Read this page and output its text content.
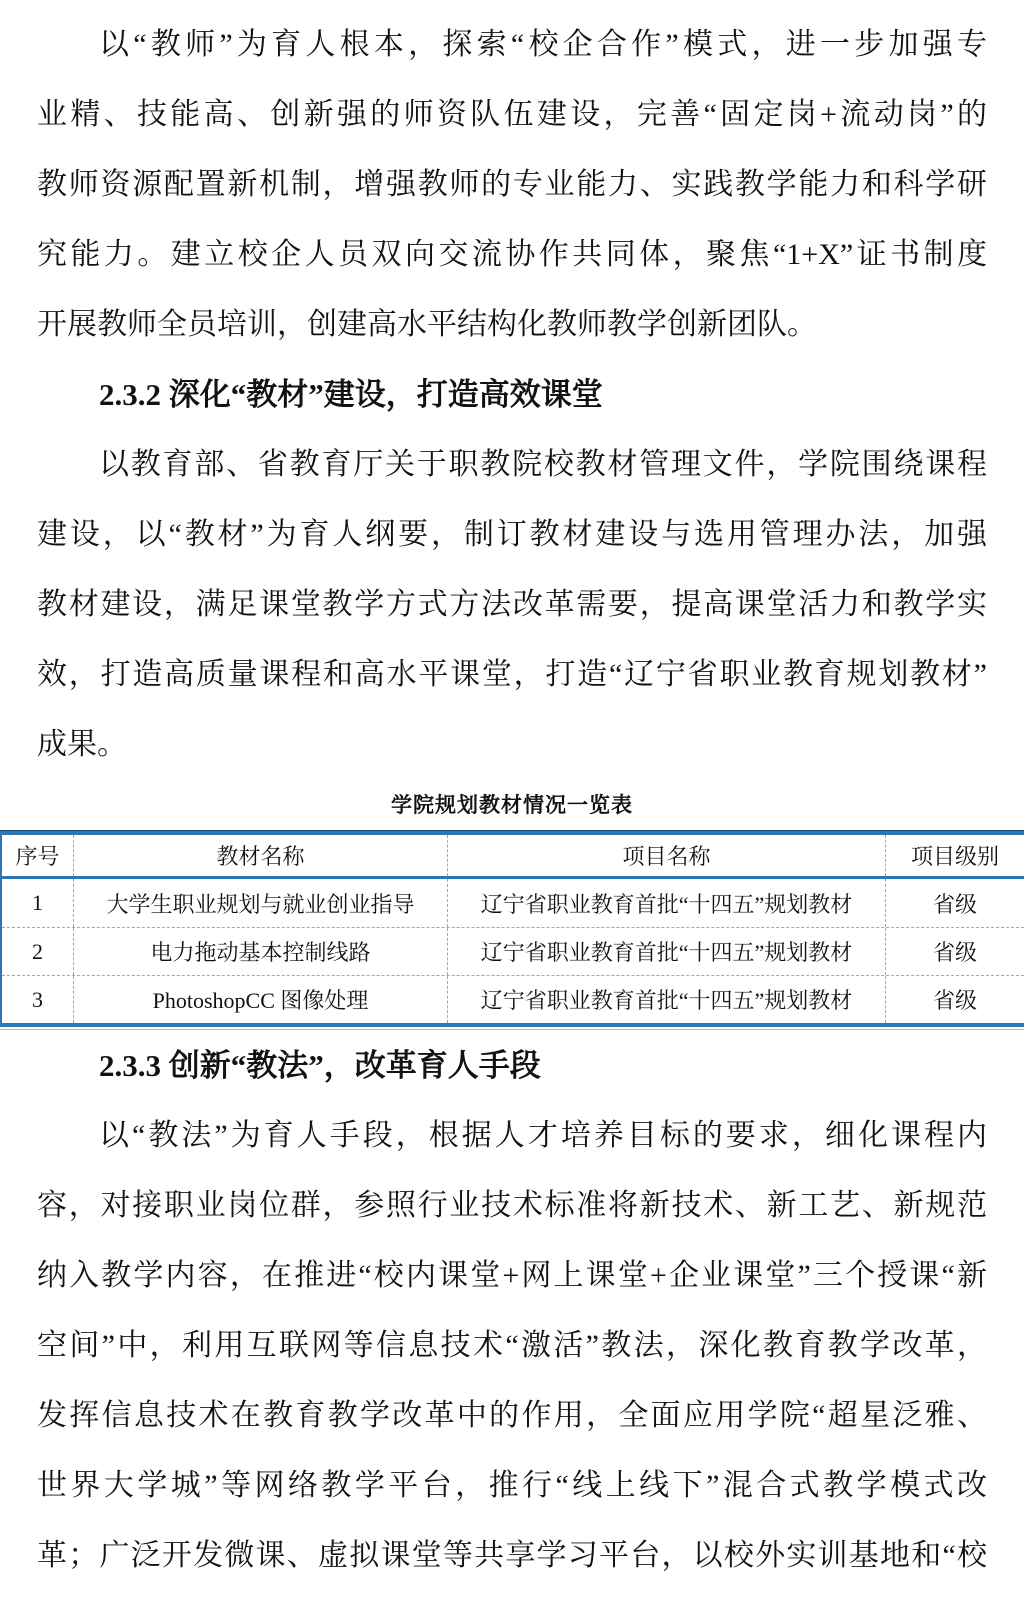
以“教师”为育人根本，探索“校企合作”模式，进一步加强专
业精、技能高、创新强的师资队伍建设，完善“固定岗+流动岗”的
教师资源配置新机制，增强教师的专业能力、实践教学能力和科学研
究能力。建立校企人员双向交流协作共同体，聚焦“1+X”证书制度
开展教师全员培训，创建高水平结构化教师教学创新团队。
2.3.2 深化“教材”建设，打造高效课堂
以教育部、省教育厅关于职教院校教材管理文件，学院围绕课程
建设，以“教材”为育人纲要，制订教材建设与选用管理办法，加强
教材建设，满足课堂教学方式方法改革需要，提高课堂活力和教学实
效，打造高质量课程和高水平课堂，打造“辽宁省职业教育规划教材”
成果。
学院规划教材情况一览表
序号	教材名称	项目名称	项目级别
1	大学生职业规划与就业创业指导	辽宁省职业教育首批“十四五”规划教材	省级
2	电力拖动基本控制线路	辽宁省职业教育首批“十四五”规划教材	省级
3	PhotoshopCC 图像处理	辽宁省职业教育首批“十四五”规划教材	省级
2.3.3 创新“教法”，改革育人手段
以“教法”为育人手段，根据人才培养目标的要求，细化课程内
容，对接职业岗位群，参照行业技术标准将新技术、新工艺、新规范
纳入教学内容，在推进“校内课堂+网上课堂+企业课堂”三个授课“新
空间”中，利用互联网等信息技术“激活”教法，深化教育教学改革，
发挥信息技术在教育教学改革中的作用，全面应用学院“超星泛雅、
世界大学城”等网络教学平台，推行“线上线下”混合式教学模式改
革；广泛开发微课、虚拟课堂等共享学习平台，以校外实训基地和“校
